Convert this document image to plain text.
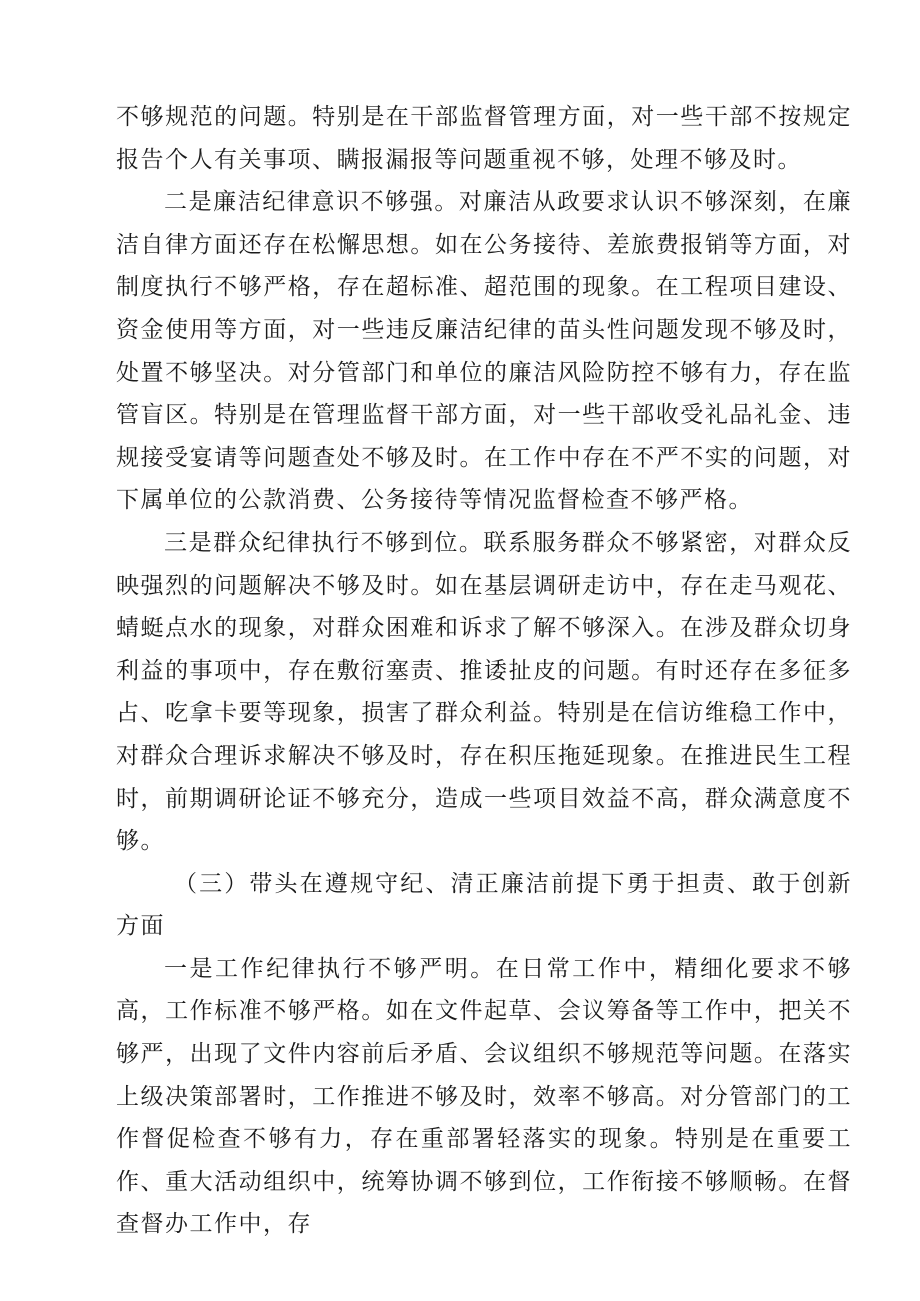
不够规范的问题。特别是在干部监督管理方面，对一些干部不按规定报告个人有关事项、瞒报漏报等问题重视不够，处理不够及时。

二是廉洁纪律意识不够强。对廉洁从政要求认识不够深刻，在廉洁自律方面还存在松懈思想。如在公务接待、差旅费报销等方面，对制度执行不够严格，存在超标准、超范围的现象。在工程项目建设、资金使用等方面，对一些违反廉洁纪律的苗头性问题发现不够及时，处置不够坚决。对分管部门和单位的廉洁风险防控不够有力，存在监管盲区。特别是在管理监督干部方面，对一些干部收受礼品礼金、违规接受宴请等问题查处不够及时。在工作中存在不严不实的问题，对下属单位的公款消费、公务接待等情况监督检查不够严格。

三是群众纪律执行不够到位。联系服务群众不够紧密，对群众反映强烈的问题解决不够及时。如在基层调研走访中，存在走马观花、蜻蜓点水的现象，对群众困难和诉求了解不够深入。在涉及群众切身利益的事项中，存在敷衍塞责、推诿扯皮的问题。有时还存在多征多占、吃拿卡要等现象，损害了群众利益。特别是在信访维稳工作中，对群众合理诉求解决不够及时，存在积压拖延现象。在推进民生工程时，前期调研论证不够充分，造成一些项目效益不高，群众满意度不够。

（三）带头在遵规守纪、清正廉洁前提下勇于担责、敢于创新方面

一是工作纪律执行不够严明。在日常工作中，精细化要求不够高，工作标准不够严格。如在文件起草、会议筹备等工作中，把关不够严，出现了文件内容前后矛盾、会议组织不够规范等问题。在落实上级决策部署时，工作推进不够及时，效率不够高。对分管部门的工作督促检查不够有力，存在重部署轻落实的现象。特别是在重要工作、重大活动组织中，统筹协调不够到位，工作衔接不够顺畅。在督查督办工作中，存
